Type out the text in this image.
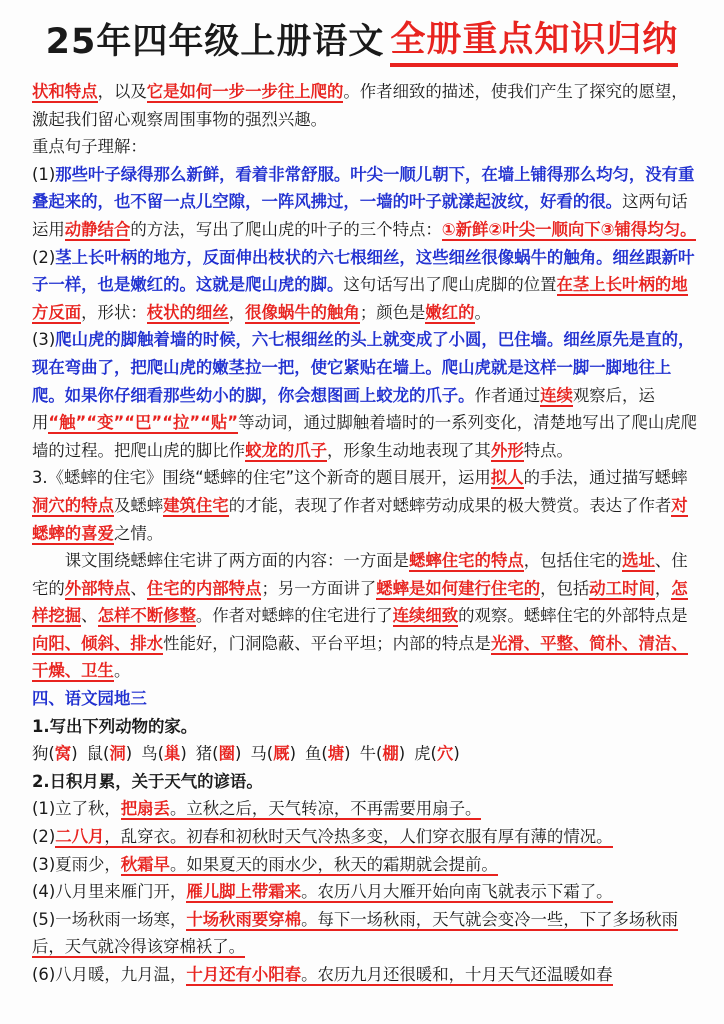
25年四年级上册语文 全册重点知识归纳

状和特点，以及它是如何一步一步往上爬的。作者细致的描述，使我们产生了探究的愿望，激起我们留心观察周围事物的强烈兴趣。

重点句子理解：

(1)那些叶子绿得那么新鲜，看着非常舒服。叶尖一顺儿朝下，在墙上铺得那么均匀，没有重叠起来的，也不留一点儿空隙，一阵风拂过，一墙的叶子就漾起波纹，好看的很。这两句话运用动静结合的方法，写出了爬山虎的叶子的三个特点：①新鲜②叶尖一顺向下③铺得均匀。

(2)茎上长叶柄的地方，反面伸出枝状的六七根细丝，这些细丝很像蜗牛的触角。细丝跟新叶子一样，也是嫩红的。这就是爬山虎的脚。这句话写出了爬山虎脚的位置在茎上长叶柄的地方反面，形状：枝状的细丝，很像蜗牛的触角；颜色是嫩红的。

(3)爬山虎的脚触着墙的时候，六七根细丝的头上就变成了小圆，巴住墙。细丝原先是直的，现在弯曲了，把爬山虎的嫩茎拉一把，使它紧贴在墙上。爬山虎就是这样一脚一脚地往上爬。如果你仔细看那些幼小的脚，你会想图画上蛟龙的爪子。作者通过连续观察后，运用“触”“变”“巴”“拉”“贴”等动词，通过脚触着墙时的一系列变化，清楚地写出了爬山虎爬墙的过程。把爬山虎的脚比作蛟龙的爪子，形象生动地表现了其外形特点。

3.《蟋蟀的住宅》围绕“蟋蟀的住宅”这个新奇的题目展开，运用拟人的手法，通过描写蟋蟀洞穴的特点及蟋蟀建筑住宅的才能，表现了作者对蟋蟀劳动成果的极大赞赏。表达了作者对蟋蟀的喜爱之情。

课文围绕蟋蟀住宅讲了两方面的内容：一方面是蟋蟀住宅的特点，包括住宅的选址、住宅的外部特点、住宅的内部特点；另一方面讲了蟋蟀是如何建行住宅的，包括动工时间，怎样挖掘、怎样不断修整。作者对蟋蟀的住宅进行了连续细致的观察。蟋蟀住宅的外部特点是向阳、倾斜、排水性能好，门洞隐蔽、平台平坦；内部的特点是光滑、平整、简朴、清洁、干燥、卫生。

四、语文园地三

1.写出下列动物的家。

狗(窝) 鼠(洞) 鸟(巢) 猪(圈) 马(厩) 鱼(塘) 牛(棚) 虎(穴)

2.日积月累，关于天气的谚语。

(1)立了秋，把扇丢。立秋之后，天气转凉，不再需要用扇子。

(2)二八月，乱穿衣。初春和初秋时天气冷热多变，人们穿衣服有厚有薄的情况。

(3)夏雨少，秋霜早。如果夏天的雨水少，秋天的霜期就会提前。

(4)八月里来雁门开，雁儿脚上带霜来。农历八月大雁开始向南飞就表示下霜了。

(5)一场秋雨一场寒，十场秋雨要穿棉。每下一场秋雨，天气就会变冷一些，下了多场秋雨后，天气就冷得该穿棉袄了。

(6)八月暖，九月温，十月还有小阳春。农历九月还很暖和，十月天气还温暖如春
